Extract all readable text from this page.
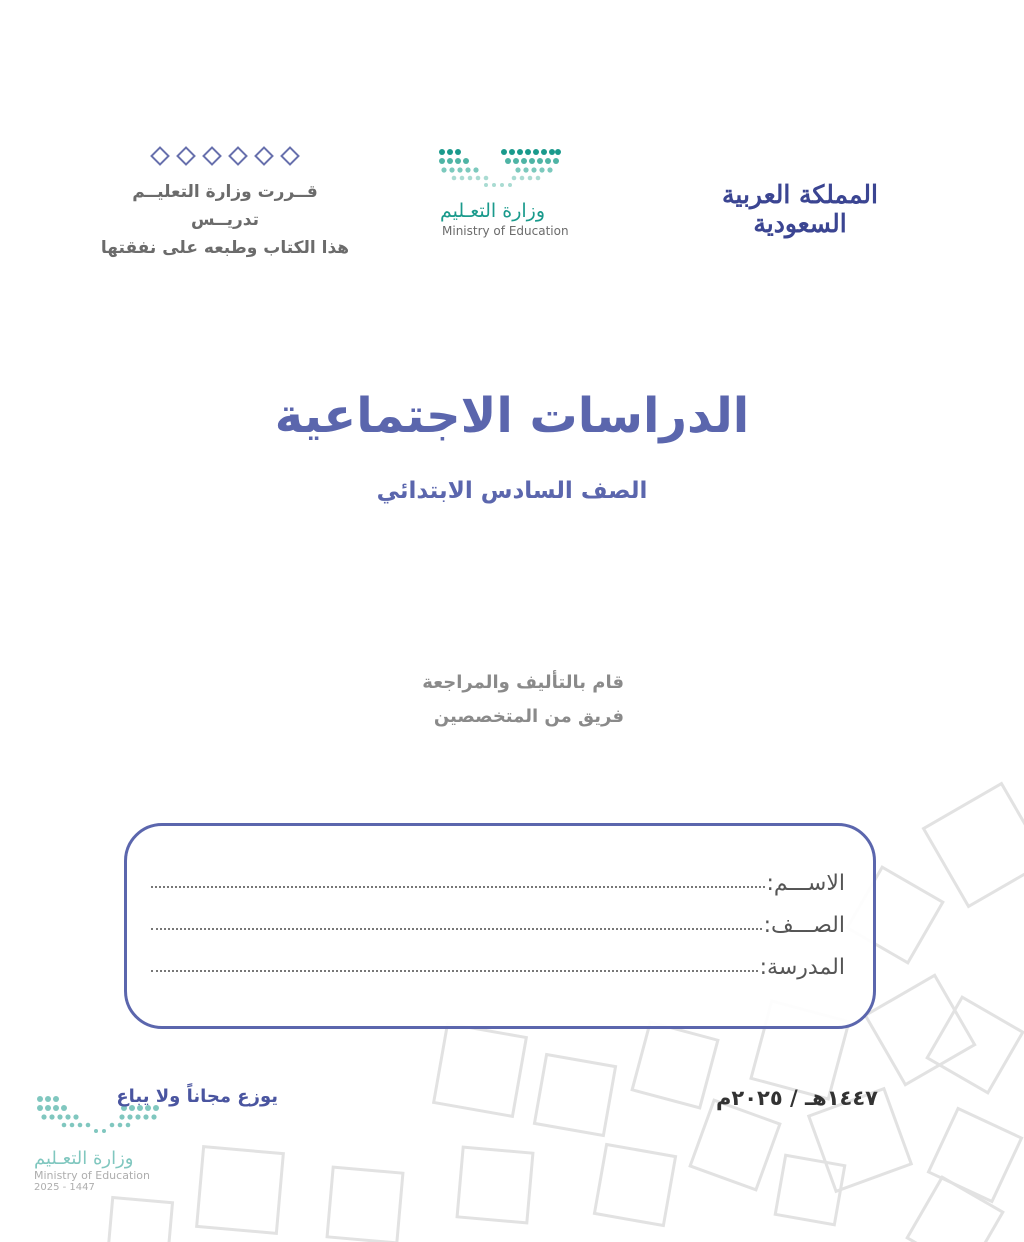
قــررت وزارة التعليــم تدريــس
هذا الكتاب وطبعه على نفقتها
وزارة التعـليم
Ministry of Education
المملكة العربية السعودية
الدراسات الاجتماعية
الصف السادس الابتدائي
قام بالتأليف والمراجعة
فريق من المتخصصين
الاســـم:
الصـــف:
المدرسة:
١٤٤٧هـ / ٢٠٢٥م
وزارة التعـليم
Ministry of Education
2025 - 1447
يوزع مجاناً ولا يباع
